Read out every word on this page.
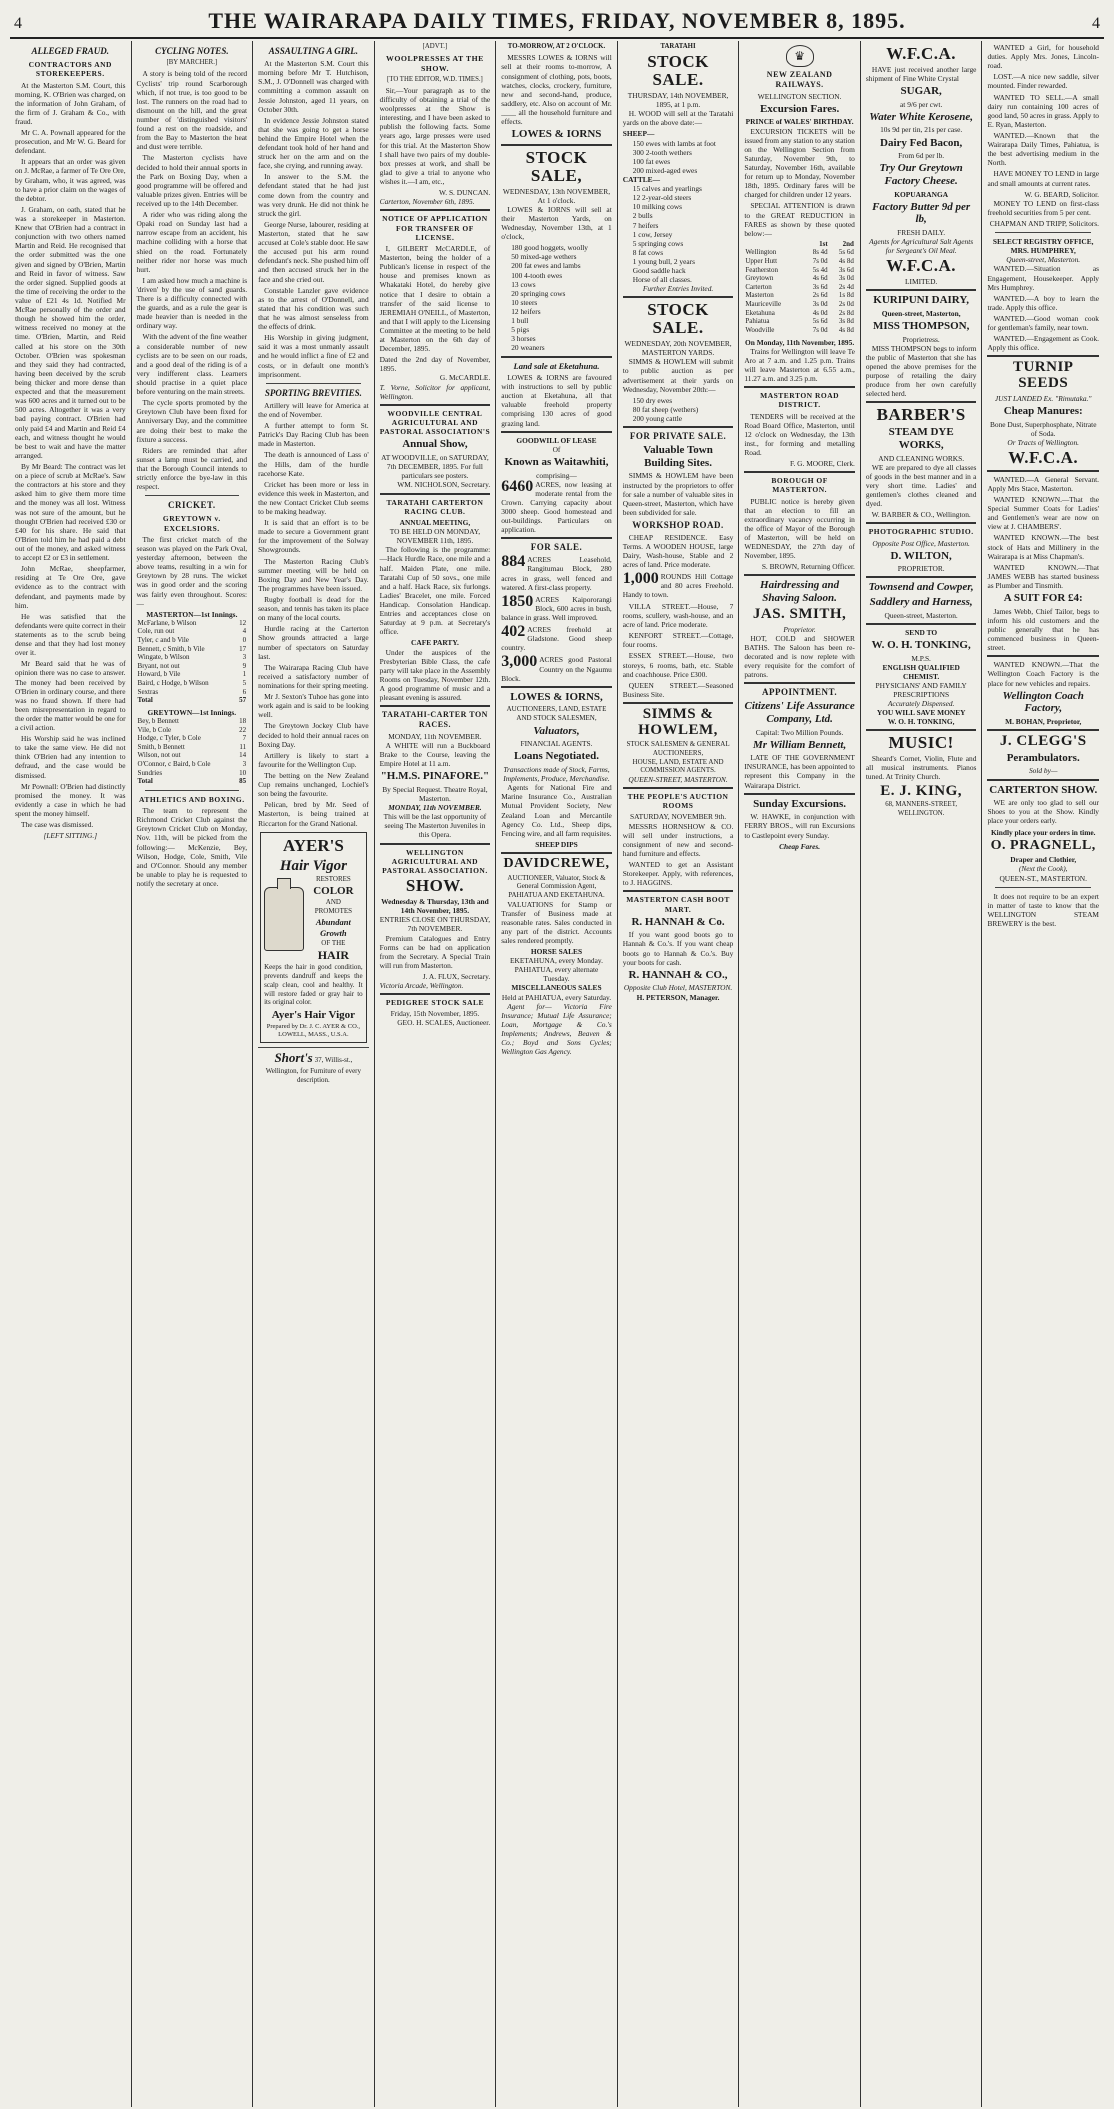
4	THE WAIRARAPA DAILY TIMES, FRIDAY, NOVEMBER 8, 1895.	4
ALLEGED FRAUD.
CONTRACTORS AND STOREKEEPERS.

At the Masterton S.M. Court, this morning, K. O'Brien was charged, on the information of John Graham, of the firm of J. Graham & Co., with fraud.

Mr C. A. Pownall appeared for the prosecution, and Mr W. G. Beard for defendant.

It appears that an order was given on J. McRae, a farmer of Te Ore Ore, by Graham, who, it was agreed, was to have a prior claim on the wages of the debtor.

J. Graham, on oath, stated that he was a storekeeper in Masterton. Knew that O'Brien had a contract in conjunction with two others named Martin and Reid. He recognised that the order submitted was the one given and signed by O'Brien, Martin and Reid in favor of witness. Saw the order signed. Supplied goods at the time of receiving the order to the value of £21 4s 1d. Notified Mr McRae personally of the order and though he showed him the order, witness received no money at the time. O'Brien, Martin, and Reid called at his store on the 30th October. O'Brien was spokesman and they said they had contracted, having been deceived by the scrub being thicker and more dense than expected and that the measurement was 600 acres and it turned out to be 500 acres. Altogether it was a very bad paying contract. O'Brien had only paid £4 and Martin and Reid £4 each, and witness thought he would be best to wait and have the matter arranged.

By Mr Beard: The contract was let on a piece of scrub at McRae's. Saw the contractors at his store and they asked him to give them more time and the money was all lost. Witness was not sure of the amount, but he thought O'Brien had received £30 or £40 for his share. He said that O'Brien told him he had paid a debt out of the money, and asked witness to accept £2 or £3 in settlement.

John McRae, sheepfarmer, residing at Te Ore Ore, gave evidence as to the contract with defendant, and payments made by him.

He was satisfied that the defendants were quite correct in their statements as to the scrub being dense and that they had lost money over it.

Mr Beard said that he was of opinion there was no case to answer. The money had been received by O'Brien in ordinary course, and there was no fraud shown. If there had been misrepresentation in regard to the order the matter would be one for a civil action.

His Worship said he was inclined to take the same view. He did not think O'Brien had any intention to defraud, and the case would be dismissed.

Mr Pownall: O'Brien had distinctly promised the money. It was evidently a case in which he had spent the money himself.

The case was dismissed.

[LEFT SITTING.]
CYCLING NOTES.
[BY MARCHER.]

A story is being told of the record Cyclists' trip round Scarborough which, if not true, is too good to be lost. The runners on the road had to dismount on the hill, and the great number of 'distinguished visitors' found a rest on the roadside, and from the Bay to Masterton the heat and dust were terrible.

The Masterton cyclists have decided to hold their annual sports in the Park on Boxing Day, when a good programme will be offered and valuable prizes given. Entries will be received up to the 14th December.

A rider who was riding along the Opaki road on Sunday last had a narrow escape from an accident, his machine colliding with a horse that shied on the road. Fortunately neither rider nor horse was much hurt.

I am asked how much a machine is 'driven' by the use of sand guards. There is a difficulty connected with the guards, and as a rule the gear is made heavier than is needed in the ordinary way.

With the advent of the fine weather a considerable number of new cyclists are to be seen on our roads, and a good deal of the riding is of a very indifferent class. Learners should practise in a quiet place before venturing on the main streets.

The cycle sports promoted by the Greytown Club have been fixed for Anniversary Day, and the committee are doing their best to make the fixture a success.

Riders are reminded that after sunset a lamp must be carried, and that the Borough Council intends to strictly enforce the bye-law in this respect.

CRICKET.
GREYTOWN v. EXCELSIORS.

The first cricket match of the season was played on the Park Oval, yesterday afternoon, between the above teams, resulting in a win for Greytown by 28 runs. The wicket was in good order and the scoring was fairly even throughout. Scores:—

MASTERTON—1st Innings.
McFarlane, b Wilson	12
Cole, run out	4
Tyler, c and b Vile	0
Bennett, c Smith, b Vile	17
Wingate, b Wilson	3
Bryant, not out	9
Howard, b Vile	1
Baird, c Hodge, b Wilson	5
Sextras	6
Total	57
GREYTOWN—1st Innings.
Bey, b Bennett	18
Vile, b Cole	22
Hodge, c Tyler, b Cole	7
Smith, b Bennett	11
Wilson, not out	14
O'Connor, c Baird, b Cole	3
Sundries	10
Total	85
ATHLETICS AND BOXING.

The team to represent the Richmond Cricket Club against the Greytown Cricket Club on Monday, Nov. 11th, will be picked from the following:— McKenzie, Bey, Wilson, Hodge, Cole, Smith, Vile and O'Connor. Should any member be unable to play he is requested to notify the secretary at once.

ASSAULTING A GIRL.

At the Masterton S.M. Court this morning before Mr T. Hutchison, S.M., J. O'Donnell was charged with committing a common assault on Jessie Johnston, aged 11 years, on October 30th.

In evidence Jessie Johnston stated that she was going to get a horse behind the Empire Hotel when the defendant took hold of her hand and struck her on the arm and on the face, she crying, and running away.

In answer to the S.M. the defendant stated that he had just come down from the country and was very drunk. He did not think he struck the girl.

George Nurse, labourer, residing at Masterton, stated that he saw accused at Cole's stable door. He saw the accused put his arm round defendant's neck. She pushed him off and then accused struck her in the face and she cried out.

Constable Lanzler gave evidence as to the arrest of O'Donnell, and stated that his condition was such that he was almost senseless from the effects of drink.

His Worship in giving judgment, said it was a most unmanly assault and he would inflict a fine of £2 and costs, or in default one month's imprisonment.

SPORTING BREVITIES.

Artillery will leave for America at the end of November.

A further attempt to form St. Patrick's Day Racing Club has been made in Masterton.

The death is announced of Lass o' the Hills, dam of the hurdle racehorse Kate.

Cricket has been more or less in evidence this week in Masterton, and the new Contact Cricket Club seems to be making headway.

It is said that an effort is to be made to secure a Government grant for the improvement of the Solway Showgrounds.

The Masterton Racing Club's summer meeting will be held on Boxing Day and New Year's Day. The programmes have been issued.

Rugby football is dead for the season, and tennis has taken its place on many of the local courts.

Hurdle racing at the Carterton Show grounds attracted a large number of spectators on Saturday last.

The Wairarapa Racing Club have received a satisfactory number of nominations for their spring meeting.

Mr J. Sexton's Tuhoe has gone into work again and is said to be looking well.

The Greytown Jockey Club have decided to hold their annual races on Boxing Day.

Artillery is likely to start a favourite for the Wellington Cup.

The betting on the New Zealand Cup remains unchanged, Lochiel's son being the favourite.

Pelican, bred by Mr. Seed of Masterton, is being trained at Riccarton for the Grand National.

AYER'S
Hair Vigor
RESTORES
COLOR
AND
PROMOTES
Abundant Growth
OF THE
HAIR
Keeps the hair in good condition, prevents dandruff and keeps the scalp clean, cool and healthy. It will restore faded or gray hair to its original color.
Ayer's Hair Vigor
Prepared by Dr. J. C. AYER & CO., LOWELL, MASS., U.S.A.
Short's 37, Willis-st., Wellington, for Furniture of every description.
[ADVT.]
WOOLPRESSES AT THE SHOW.
[TO THE EDITOR, W.D. TIMES.]

Sir,—Your paragraph as to the difficulty of obtaining a trial of the woolpresses at the Show is interesting, and I have been asked to publish the following facts. Some years ago, large presses were used for this trial. At the Masterton Show I shall have two pairs of my double-box presses at work, and shall be glad to give a trial to anyone who wishes it.—I am, etc.,

W. S. DUNCAN.
Carterton, November 6th, 1895.
NOTICE OF APPLICATION FOR TRANSFER OF LICENSE.

I, GILBERT McCARDLE, of Masterton, being the holder of a Publican's license in respect of the house and premises known as Whakataki Hotel, do hereby give notice that I desire to obtain a transfer of the said license to JEREMIAH O'NEILL, of Masterton, and that I will apply to the Licensing Committee at the meeting to be held at Masterton on the 6th day of December, 1895.

Dated the 2nd day of November, 1895.
G. McCARDLE.
T. Vorne, Solicitor for applicant, Wellington.
WOODVILLE CENTRAL AGRICULTURAL AND PASTORAL ASSOCIATION'S
Annual Show,
AT WOODVILLE, on SATURDAY, 7th DECEMBER, 1895. For full particulars see posters.
WM. NICHOLSON, Secretary.
TARATAHI CARTERTON RACING CLUB.
ANNUAL MEETING,
TO BE HELD ON MONDAY, NOVEMBER 11th, 1895.

The following is the programme:—Hack Hurdle Race, one mile and a half. Maiden Plate, one mile. Taratahi Cup of 50 sovs., one mile and a half. Hack Race, six furlongs. Ladies' Bracelet, one mile. Forced Handicap. Consolation Handicap. Entries and acceptances close on Saturday at 9 p.m. at Secretary's office.

CAFE PARTY.

Under the auspices of the Presbyterian Bible Class, the cafe party will take place in the Assembly Rooms on Tuesday, November 12th. A good programme of music and a pleasant evening is assured.

TARATAHI-CARTER TON RACES.
MONDAY, 11th NOVEMBER.

A WHITE will run a Buckboard Brake to the Course, leaving the Empire Hotel at 11 a.m.

"H.M.S. PINAFORE."
By Special Request. Theatre Royal, Masterton.
MONDAY, 11th NOVEMBER.
This will be the last opportunity of seeing The Masterton Juveniles in this Opera.
WELLINGTON AGRICULTURAL AND PASTORAL ASSOCIATION.
SHOW.
Wednesday & Thursday, 13th and 14th November, 1895.
ENTRIES CLOSE ON THURSDAY, 7th NOVEMBER.

Premium Catalogues and Entry Forms can be had on application from the Secretary. A Special Train will run from Masterton.

J. A. FLUX, Secretary.
Victoria Arcade, Wellington.
PEDIGREE STOCK SALE
Friday, 15th November, 1895.
GEO. H. SCALES, Auctioneer.
TO-MORROW, AT 2 O'CLOCK.

MESSRS LOWES & IORNS will sell at their rooms to-morrow, A consignment of clothing, pots, boots, watches, clocks, crockery, furniture, new and second-hand, produce, saddlery, etc. Also on account of Mr. ____ all the household furniture and effects.

LOWES & IORNS
STOCK SALE,
WEDNESDAY, 13th NOVEMBER, At 1 o'clock.

LOWES & IORNS will sell at their Masterton Yards, on Wednesday, November 13th, at 1 o'clock,

180 good hoggets, woolly
50 mixed-age wethers
200 fat ewes and lambs
100 4-tooth ewes
13 cows
20 springing cows
10 steers
12 heifers
1 bull
5 pigs
3 horses
20 weaners
Land sale at Eketahuna.

LOWES & IORNS are favoured with instructions to sell by public auction at Eketahuna, all that valuable freehold property comprising 130 acres of good grazing land.

GOODWILL OF LEASE
Of
Known as Waitawhiti,
comprising—
6460 ACRES, now leasing at moderate rental from the Crown. Carrying capacity about 3000 sheep. Good homestead and out-buildings. Particulars on application.
FOR SALE.
884 ACRES Leasehold, Rangitumau Block, 280 acres in grass, well fenced and watered. A first-class property.
1850 ACRES Kaipororangi Block, 600 acres in bush, balance in grass. Well improved.
402 ACRES freehold at Gladstone. Good sheep country.
3,000 ACRES good Pastoral Country on the Ngaumu Block.
LOWES & IORNS,
AUCTIONEERS, LAND, ESTATE AND STOCK SALESMEN,
Valuators,
FINANCIAL AGENTS.
Loans Negotiated.
Transactions made of Stock, Farms, Implements, Produce, Merchandise.

Agents for National Fire and Marine Insurance Co., Australian Mutual Provident Society, New Zealand Loan and Mercantile Agency Co. Ltd., Sheep dips, Fencing wire, and all farm requisites.

SHEEP DIPS
DAVIDCREWE,
AUCTIONEER, Valuator, Stock & General Commission Agent, PAHIATUA AND EKETAHUNA.

VALUATIONS for Stamp or Transfer of Business made at reasonable rates. Sales conducted in any part of the district. Accounts sales rendered promptly.

HORSE SALES
EKETAHUNA, every Monday. PAHIATUA, every alternate Tuesday.
MISCELLANEOUS SALES
Held at PAHIATUA, every Saturday.

Agent for— Victoria Fire Insurance; Mutual Life Assurance; Loan, Mortgage & Co.'s Implements; Andrews, Beaven & Co.; Boyd and Sons Cycles; Wellington Gas Agency.

TARATAHI
STOCK SALE.
THURSDAY, 14th NOVEMBER, 1895, at 1 p.m.

H. WOOD will sell at the Taratahi yards on the above date:—

SHEEP—
150 ewes with lambs at foot
300 2-tooth wethers
100 fat ewes
200 mixed-aged ewes
CATTLE—
15 calves and yearlings
12 2-year-old steers
10 milking cows
2 bulls
7 heifers
1 cow, Jersey
5 springing cows
8 fat cows
1 young bull, 2 years
Good saddle hack
Horse of all classes.
Further Entries Invited.
STOCK SALE.
WEDNESDAY, 20th NOVEMBER, MASTERTON YARDS.

SIMMS & HOWLEM will submit to public auction as per advertisement at their yards on Wednesday, November 20th:—

150 dry ewes
80 fat sheep (wethers)
200 young cattle
FOR PRIVATE SALE.
Valuable Town Building Sites.

SIMMS & HOWLEM have been instructed by the proprietors to offer for sale a number of valuable sites in Queen-street, Masterton, which have been subdivided for sale.

WORKSHOP ROAD.

CHEAP RESIDENCE. Easy Terms. A WOODEN HOUSE, large Dairy, Wash-house, Stable and 2 acres of land. Price moderate.

1,000 ROUNDS Hill Cottage and 80 acres Freehold. Handy to town.

VILLA STREET.—House, 7 rooms, scullery, wash-house, and an acre of land. Price moderate.

KENFORT STREET.—Cottage, four rooms.

ESSEX STREET.—House, two storeys, 6 rooms, bath, etc. Stable and coachhouse. Price £300.

QUEEN STREET.—Seasoned Business Site.

SIMMS & HOWLEM,
STOCK SALESMEN & GENERAL AUCTIONEERS,
HOUSE, LAND, ESTATE AND COMMISSION AGENTS.
QUEEN-STREET, MASTERTON.
THE PEOPLE'S AUCTION ROOMS
SATURDAY, NOVEMBER 9th.

MESSRS HORNSHOW & CO. will sell under instructions, a consignment of new and second-hand furniture and effects.

WANTED to get an Assistant Storekeeper. Apply, with references, to J. HAGGINS.

MASTERTON CASH BOOT MART.
R. HANNAH & Co.

If you want good boots go to Hannah & Co.'s. If you want cheap boots go to Hannah & Co.'s. Buy your boots for cash.

R. HANNAH & CO.,
Opposite Club Hotel, MASTERTON.
H. PETERSON, Manager.
♛
NEW ZEALAND RAILWAYS.
WELLINGTON SECTION.
Excursion Fares.
PRINCE of WALES' BIRTHDAY.

EXCURSION TICKETS will be issued from any station to any station on the Wellington Section from Saturday, November 9th, to Saturday, November 16th, available for return up to Monday, November 18th, 1895. Ordinary fares will be charged for children under 12 years.

SPECIAL ATTENTION is drawn to the GREAT REDUCTION in FARES as shown by these quoted below:—

	1st	2nd
Wellington	8s 4d	5s 6d
Upper Hutt	7s 0d	4s 8d
Featherston	5s 4d	3s 6d
Greytown	4s 6d	3s 0d
Carterton	3s 6d	2s 4d
Masterton	2s 6d	1s 8d
Mauriceville	3s 0d	2s 0d
Eketahuna	4s 0d	2s 8d
Pahiatua	5s 6d	3s 8d
Woodville	7s 0d	4s 8d
On Monday, 11th November, 1895.

Trains for Wellington will leave Te Aro at 7 a.m. and 1.25 p.m. Trains will leave Masterton at 6.55 a.m., 11.27 a.m. and 3.25 p.m.

MASTERTON ROAD DISTRICT.

TENDERS will be received at the Road Board Office, Masterton, until 12 o'clock on Wednesday, the 13th inst., for forming and metalling Road.

F. G. MOORE, Clerk.
BOROUGH OF MASTERTON.

PUBLIC notice is hereby given that an election to fill an extraordinary vacancy occurring in the office of Mayor of the Borough of Masterton, will be held on WEDNESDAY, the 27th day of November, 1895.

S. BROWN, Returning Officer.
Hairdressing and Shaving Saloon.
JAS. SMITH,
Proprietor.

HOT, COLD and SHOWER BATHS. The Saloon has been re-decorated and is now replete with every requisite for the comfort of patrons.

APPOINTMENT.
Citizens' Life Assurance Company, Ltd.
Capital: Two Million Pounds.
Mr William Bennett,

LATE OF THE GOVERNMENT INSURANCE, has been appointed to represent this Company in the Wairarapa District.

Sunday Excursions.

W. HAWKE, in conjunction with FERRY BROS., will run Excursions to Castlepoint every Sunday.

Cheap Fares.
W.F.C.A.

HAVE just received another large shipment of Fine White Crystal

SUGAR,
at 9/6 per cwt.
Water White Kerosene,
10s 9d per tin, 21s per case.
Dairy Fed Bacon,
From 6d per lb.
Try Our Greytown Factory Cheese.
KOPUARANGA
Factory Butter 9d per lb,
FRESH DAILY.
Agents for Agricultural Salt Agents for Sergeant's Oil Meal.
W.F.C.A.
LIMITED.
KURIPUNI DAIRY,
Queen-street, Masterton,
MISS THOMPSON,
Proprietress.

MISS THOMPSON begs to inform the public of Masterton that she has opened the above premises for the purpose of retailing the dairy produce from her own carefully selected herd.

BARBER'S
STEAM DYE WORKS,
AND CLEANING WORKS.

WE are prepared to dye all classes of goods in the best manner and in a very short time. Ladies' and gentlemen's clothes cleaned and dyed.

W. BARBER & CO., Wellington.
PHOTOGRAPHIC STUDIO.
Opposite Post Office, Masterton.
D. WILTON,
PROPRIETOR.
Townsend and Cowper,
Saddlery and Harness,
Queen-street, Masterton.
SEND TO
W. O. H. TONKING,
M.P.S.
ENGLISH QUALIFIED CHEMIST.
PHYSICIANS' AND FAMILY PRESCRIPTIONS
Accurately Dispensed.
YOU WILL SAVE MONEY
W. O. H. TONKING,
MUSIC!

Sheard's Cornet, Violin, Flute and all musical instruments. Pianos tuned. At Trinity Church.

E. J. KING,
68, MANNERS-STREET, WELLINGTON.

WANTED a Girl, for household duties. Apply Mrs. Jones, Lincoln-road.

LOST.—A nice new saddle, silver mounted. Finder rewarded.

WANTED TO SELL.—A small dairy run containing 100 acres of good land, 50 acres in grass. Apply to E. Ryan, Masterton.

WANTED.—Known that the Wairarapa Daily Times, Pahiatua, is the best advertising medium in the North.

HAVE MONEY TO LEND in large and small amounts at current rates.

W. G. BEARD, Solicitor.

MONEY TO LEND on first-class freehold securities from 5 per cent.

CHAPMAN AND TRIPP, Solicitors.
SELECT REGISTRY OFFICE,
MRS. HUMPHREY,
Queen-street, Masterton.

WANTED.—Situation as Engagement, Housekeeper. Apply Mrs Humphrey.

WANTED.—A boy to learn the trade. Apply this office.

WANTED.—Good woman cook for gentleman's family, near town.

WANTED.—Engagement as Cook. Apply this office.

TURNIP SEEDS
JUST LANDED Ex. "Rimutaka."
Cheap Manures:
Bone Dust, Superphosphate, Nitrate of Soda.
Or Tracts of Wellington.
W.F.C.A.

WANTED.—A General Servant. Apply Mrs Stace, Masterton.

WANTED KNOWN.—That the Special Summer Coats for Ladies' and Gentlemen's wear are now on view at J. CHAMBERS'.

WANTED KNOWN.—The best stock of Hats and Millinery in the Wairarapa is at Miss Chapman's.

WANTED KNOWN.—That JAMES WEBB has started business as Plumber and Tinsmith.

A SUIT FOR £4:

James Webb, Chief Tailor, begs to inform his old customers and the public generally that he has commenced business in Queen-street.

WANTED KNOWN.—That the Wellington Coach Factory is the place for new vehicles and repairs.

Wellington Coach Factory,
M. BOHAN, Proprietor,
J. CLEGG'S
Perambulators.
Sold by—
CARTERTON SHOW.

WE are only too glad to sell our Shoes to you at the Show. Kindly place your orders early.

Kindly place your orders in time.
O. PRAGNELL,
Draper and Clothier,
(Next the Cook),
QUEEN-ST., MASTERTON.

It does not require to be an expert in matter of taste to know that the WELLINGTON STEAM BREWERY is the best.
